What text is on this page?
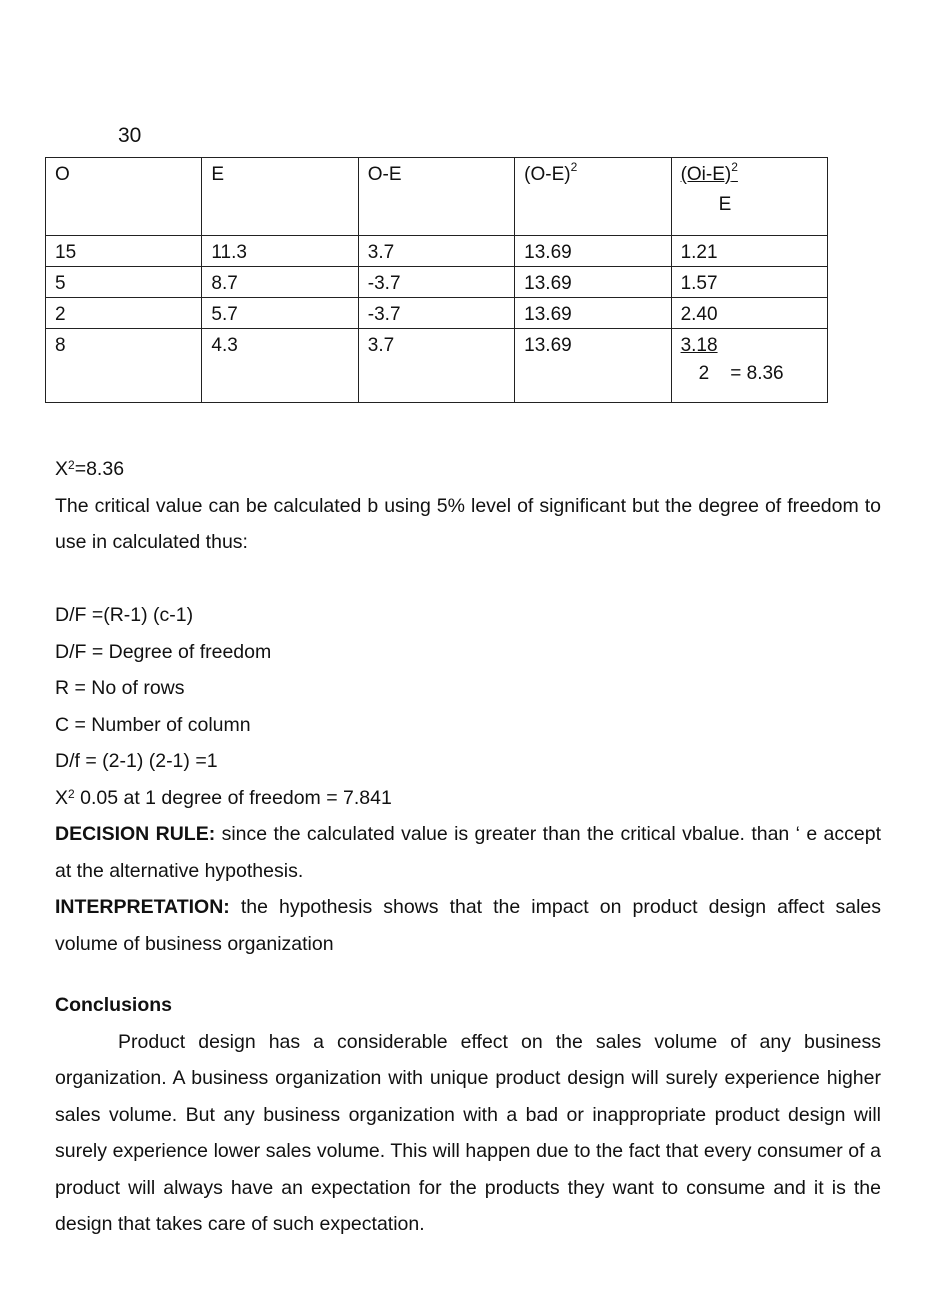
30
O	E	O-E	$(O-E)^2$	$(Oi-E)^2$
E

15	11.3	3.7	13.69	1.21
5	8.7	-3.7	13.69	1.57
2	5.7	-3.7	13.69	2.40
8	4.3	3.7	13.69	3.18
2 = 8.36
$X^2=8.36$

The critical value can be calculated b using 5% level of significant but the degree of freedom to use in calculated thus:

D/F =(R-1) (c-1)
D/F = Degree of freedom
R = No of rows
C = Number of column
D/f = (2-1) (2-1) =1
$X^2$ 0.05 at 1 degree of freedom = 7.841

DECISION RULE: since the calculated value is greater than the critical vbalue. than ‘ e accept at the alternative hypothesis.

INTERPRETATION: the hypothesis shows that the impact on product design affect sales volume of business organization

Conclusions

Product design has a considerable effect on the sales volume of any business organization. A business organization with unique product design will surely experience higher sales volume. But any business organization with a bad or inappropriate product design will surely experience lower sales volume. This will happen due to the fact that every consumer of a product will always have an expectation for the products they want to consume and it is the design that takes care of such expectation.
